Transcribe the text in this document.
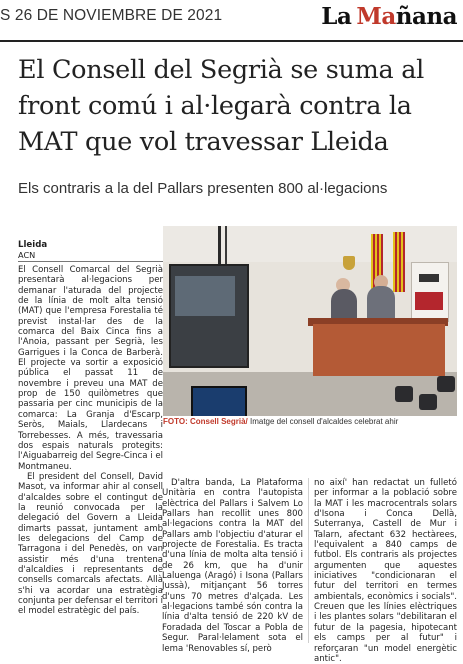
S 26 DE NOVIEMBRE DE 2021	La Mañana
El Consell del Segrià se suma al front comú i al·legarà contra la MAT que vol travessar Lleida
Els contraris a la del Pallars presenten 800 al·legacions
Lleida
ACN

El Consell Comarcal del Segrià presentarà al·legacions per demanar l'aturada del projecte de la línia de molt alta tensió (MAT) que l'empresa Forestalia té previst instal·lar des de la comarca del Baix Cinca fins a l'Anoia, passant per Segrià, les Garrigues i la Conca de Barberà. El projecte va sortir a exposició pública el passat 11 de novembre i preveu una MAT de prop de 150 quilòmetres que passaria per cinc municipis de la comarca: La Granja d'Escarp, Seròs, Maials, Llardecans i Torrebesses. A més, travessaria dos espais naturals protegits: l'Aiguabarreig del Segre-Cinca i el Montmaneu.

El president del Consell, David Masot, va informar ahir al consell d'alcaldes sobre el contingut de la reunió convocada per la delegació del Govern a Lleida dimarts passat, juntament amb les delegacions del Camp de Tarragona i del Penedès, on van assistir més d'una trentena d'alcaldies i representants de consells comarcals afectats. Allà s'hi va acordar una estratègia conjunta per defensar el territori i el model estratègic del país.

FOTO: Consell Segrià/ Imatge del consell d'alcaldes celebrat ahir

D'altra banda, La Plataforma Unitària en contra l'autopista elèctrica del Pallars i Salvem Lo Pallars han recollit unes 800 al·legacions contra la MAT del Pallars amb l'objectiu d'aturar el projecte de Forestalia. Es tracta d'una línia de molta alta tensió i de 26 km, que ha d'unir Laluenga (Aragó) i Isona (Pallars Jussà), mitjançant 56 torres d'uns 70 metres d'alçada. Les al·legacions també són contra la línia d'alta tensió de 220 kV de Foradada del Toscar a Pobla de Segur. Paral·lelament sota el lema 'Renovables sí, però

no així' han redactat un fulletó per informar a la població sobre la MAT i les macrocentrals solars d'Isona i Conca Dellà, Suterranya, Castell de Mur i Talarn, afectant 632 hectàrees, l'equivalent a 840 camps de futbol. Els contraris als projectes argumenten que aquestes iniciatives "condicionaran el futur del territori en termes ambientals, econòmics i socials". Creuen que les línies elèctriques i les plantes solars "debilitaran el futur de la pagesia, hipotecant els camps per al futur" i reforçaran "un model energètic antic".
